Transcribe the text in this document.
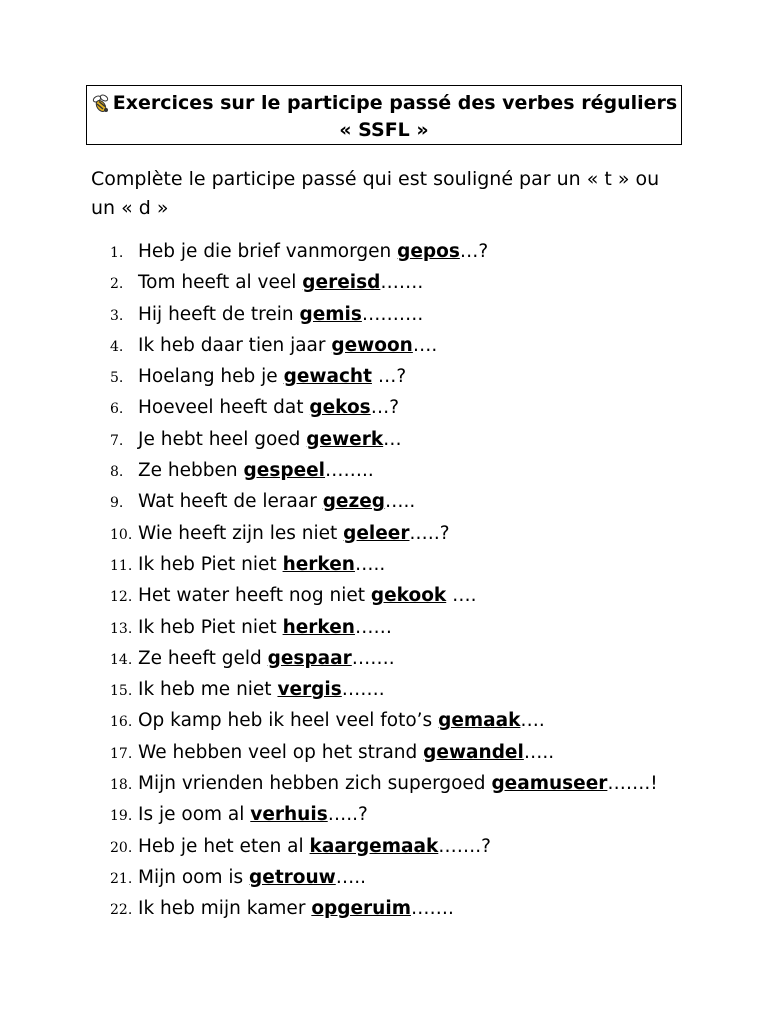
Exercices sur le participe passé des verbes réguliers
« SSFL »
Complète le participe passé qui est souligné par un « t » ou
un « d »
1. Heb je die brief vanmorgen gepos …?
2. Tom heeft al veel gereisd …….
3. Hij heeft de trein gemis ……….
4. Ik heb daar tien jaar gewoon ….
5. Hoelang heb je gewacht …?
6. Hoeveel heeft dat gekos …?
7. Je hebt heel goed gewerk …
8. Ze hebben gespeel ……..
9. Wat heeft de leraar gezeg …..
10. Wie heeft zijn les niet geleer .….?
11. Ik heb Piet niet herken …..
12. Het water heeft nog niet gekook ….
13. Ik heb Piet niet herken ……
14. Ze heeft geld gespaar …….
15. Ik heb me niet vergis …….
16. Op kamp heb ik heel veel foto’s gemaak ….
17. We hebben veel op het strand gewandel …..
18. Mijn vrienden hebben zich supergoed geamuseer …….!
19. Is je oom al verhuis …..?
20. Heb je het eten al kaargemaak …….?
21. Mijn oom is getrouw …..
22. Ik heb mijn kamer opgeruim …….
